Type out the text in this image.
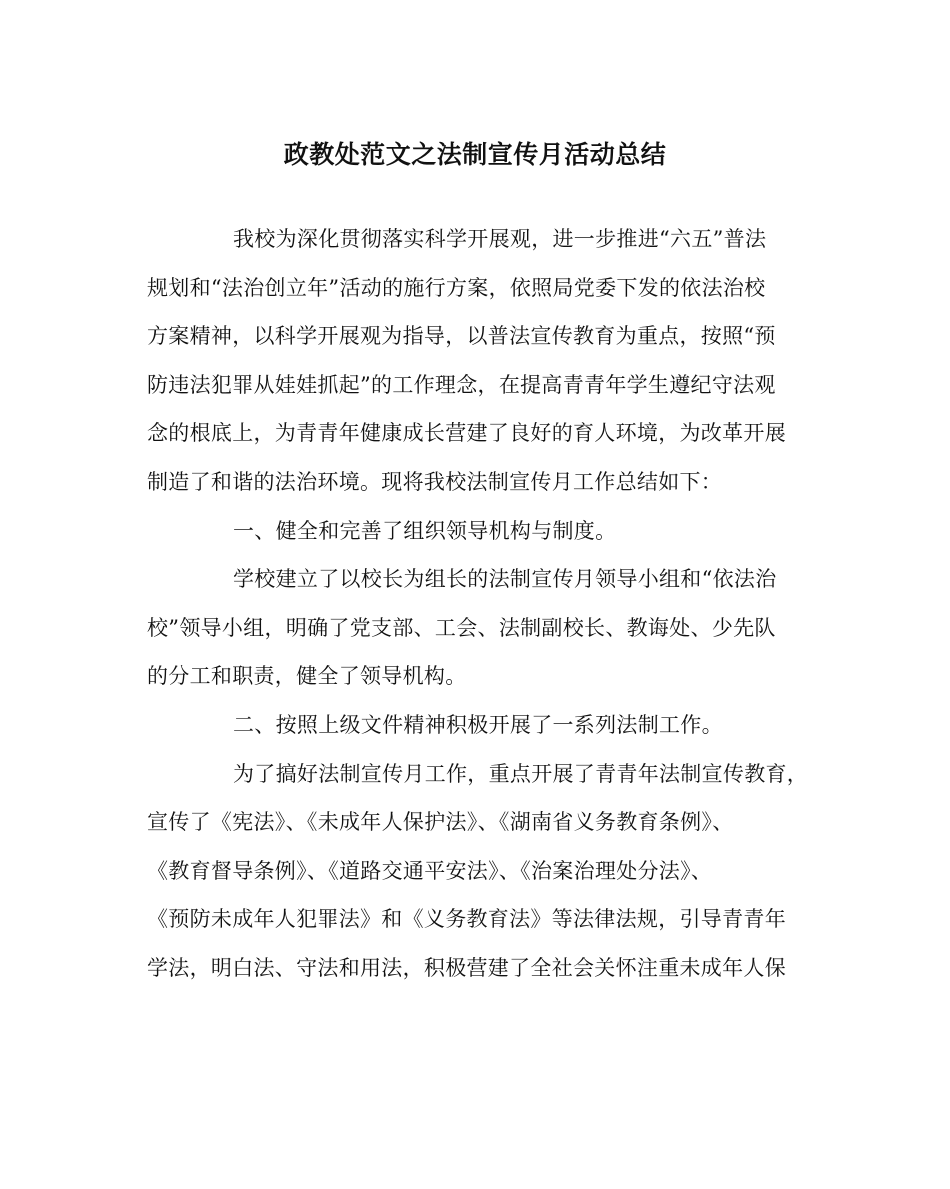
政教处范文之法制宣传月活动总结
我校为深化贯彻落实科学开展观，进一步推进“六五”普法
规划和“法治创立年”活动的施行方案，依照局党委下发的依法治校
方案精神，以科学开展观为指导，以普法宣传教育为重点，按照“预
防违法犯罪从娃娃抓起”的工作理念，在提高青青年学生遵纪守法观
念的根底上，为青青年健康成长营建了良好的育人环境，为改革开展
制造了和谐的法治环境。现将我校法制宣传月工作总结如下：
一、健全和完善了组织领导机构与制度。
学校建立了以校长为组长的法制宣传月领导小组和“依法治
校”领导小组，明确了党支部、工会、法制副校长、教诲处、少先队
的分工和职责，健全了领导机构。
二、按照上级文件精神积极开展了一系列法制工作。
为了搞好法制宣传月工作，重点开展了青青年法制宣传教育，
宣传了《宪法》、《未成年人保护法》、《湖南省义务教育条例》、
《教育督导条例》、《道路交通平安法》、《治案治理处分法》、
《预防未成年人犯罪法》和《义务教育法》等法律法规，引导青青年
学法，明白法、守法和用法，积极营建了全社会关怀注重未成年人保
